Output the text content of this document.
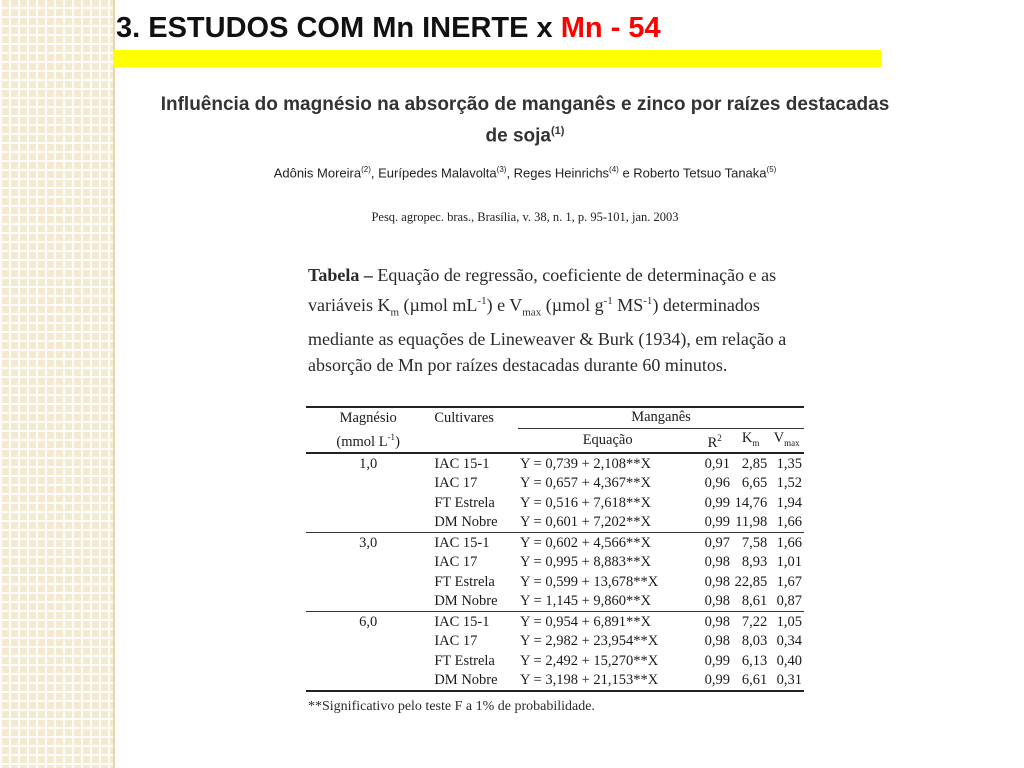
3. ESTUDOS COM Mn INERTE x Mn - 54

Influência do magnésio na absorção de manganês e zinco por raízes destacadas de soja$^{(1)}$

Adônis Moreira$^{(2)}$, Eurípedes Malavolta$^{(3)}$, Reges Heinrichs$^{(4)}$ e Roberto Tetsuo Tanaka$^{(5)}$

Pesq. agropec. bras., Brasília, v. 38, n. 1, p. 95-101, jan. 2003

Tabela – Equação de regressão, coeficiente de determinação e as variáveis $K_m$ (µmol $mL^{-1}$) e $V_{max}$ (µmol $g^{-1}$ $MS^{-1}$) determinados mediante as equações de Lineweaver & Burk (1934), em relação a absorção de Mn por raízes destacadas durante 60 minutos.

Magnésio	Cultivares	Manganês			
(mmol $L^{-1}$)		Equação	$R^2$	$K_m$	$V_{max}$
1,0	IAC 15-1	Y = 0,739 + 2,108**X	0,91	2,85	1,35
	IAC 17	Y = 0,657 + 4,367**X	0,96	6,65	1,52
	FT Estrela	Y = 0,516 + 7,618**X	0,99	14,76	1,94
	DM Nobre	Y = 0,601 + 7,202**X	0,99	11,98	1,66
3,0	IAC 15-1	Y = 0,602 + 4,566**X	0,97	7,58	1,66
	IAC 17	Y = 0,995 + 8,883**X	0,98	8,93	1,01
	FT Estrela	Y = 0,599 + 13,678**X	0,98	22,85	1,67
	DM Nobre	Y = 1,145 + 9,860**X	0,98	8,61	0,87
6,0	IAC 15-1	Y = 0,954 + 6,891**X	0,98	7,22	1,05
	IAC 17	Y = 2,982 + 23,954**X	0,98	8,03	0,34
	FT Estrela	Y = 2,492 + 15,270**X	0,99	6,13	0,40
	DM Nobre	Y = 3,198 + 21,153**X	0,99	6,61	0,31

**Significativo pelo teste F a 1% de probabilidade.
